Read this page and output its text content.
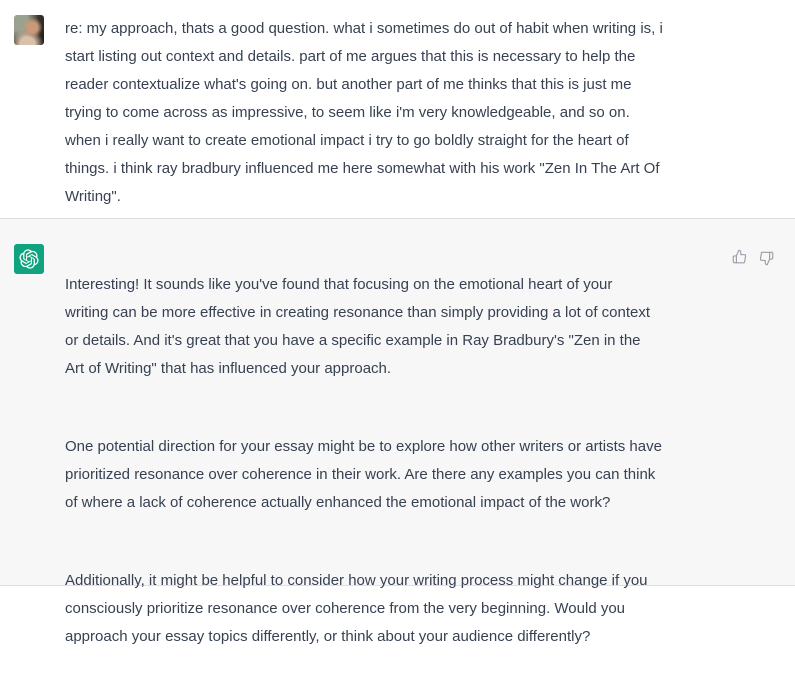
re: my approach, thats a good question. what i sometimes do out of habit when writing is, i
start listing out context and details. part of me argues that this is necessary to help the
reader contextualize what's going on. but another part of me thinks that this is just me
trying to come across as impressive, to seem like i'm very knowledgeable, and so on.
when i really want to create emotional impact i try to go boldly straight for the heart of
things. i think ray bradbury influenced me here somewhat with his work "Zen In The Art Of
Writing".

Interesting! It sounds like you've found that focusing on the emotional heart of your
writing can be more effective in creating resonance than simply providing a lot of context
or details. And it's great that you have a specific example in Ray Bradbury's "Zen in the
Art of Writing" that has influenced your approach.

One potential direction for your essay might be to explore how other writers or artists have
prioritized resonance over coherence in their work. Are there any examples you can think
of where a lack of coherence actually enhanced the emotional impact of the work?

Additionally, it might be helpful to consider how your writing process might change if you
consciously prioritize resonance over coherence from the very beginning. Would you
approach your essay topics differently, or think about your audience differently?
